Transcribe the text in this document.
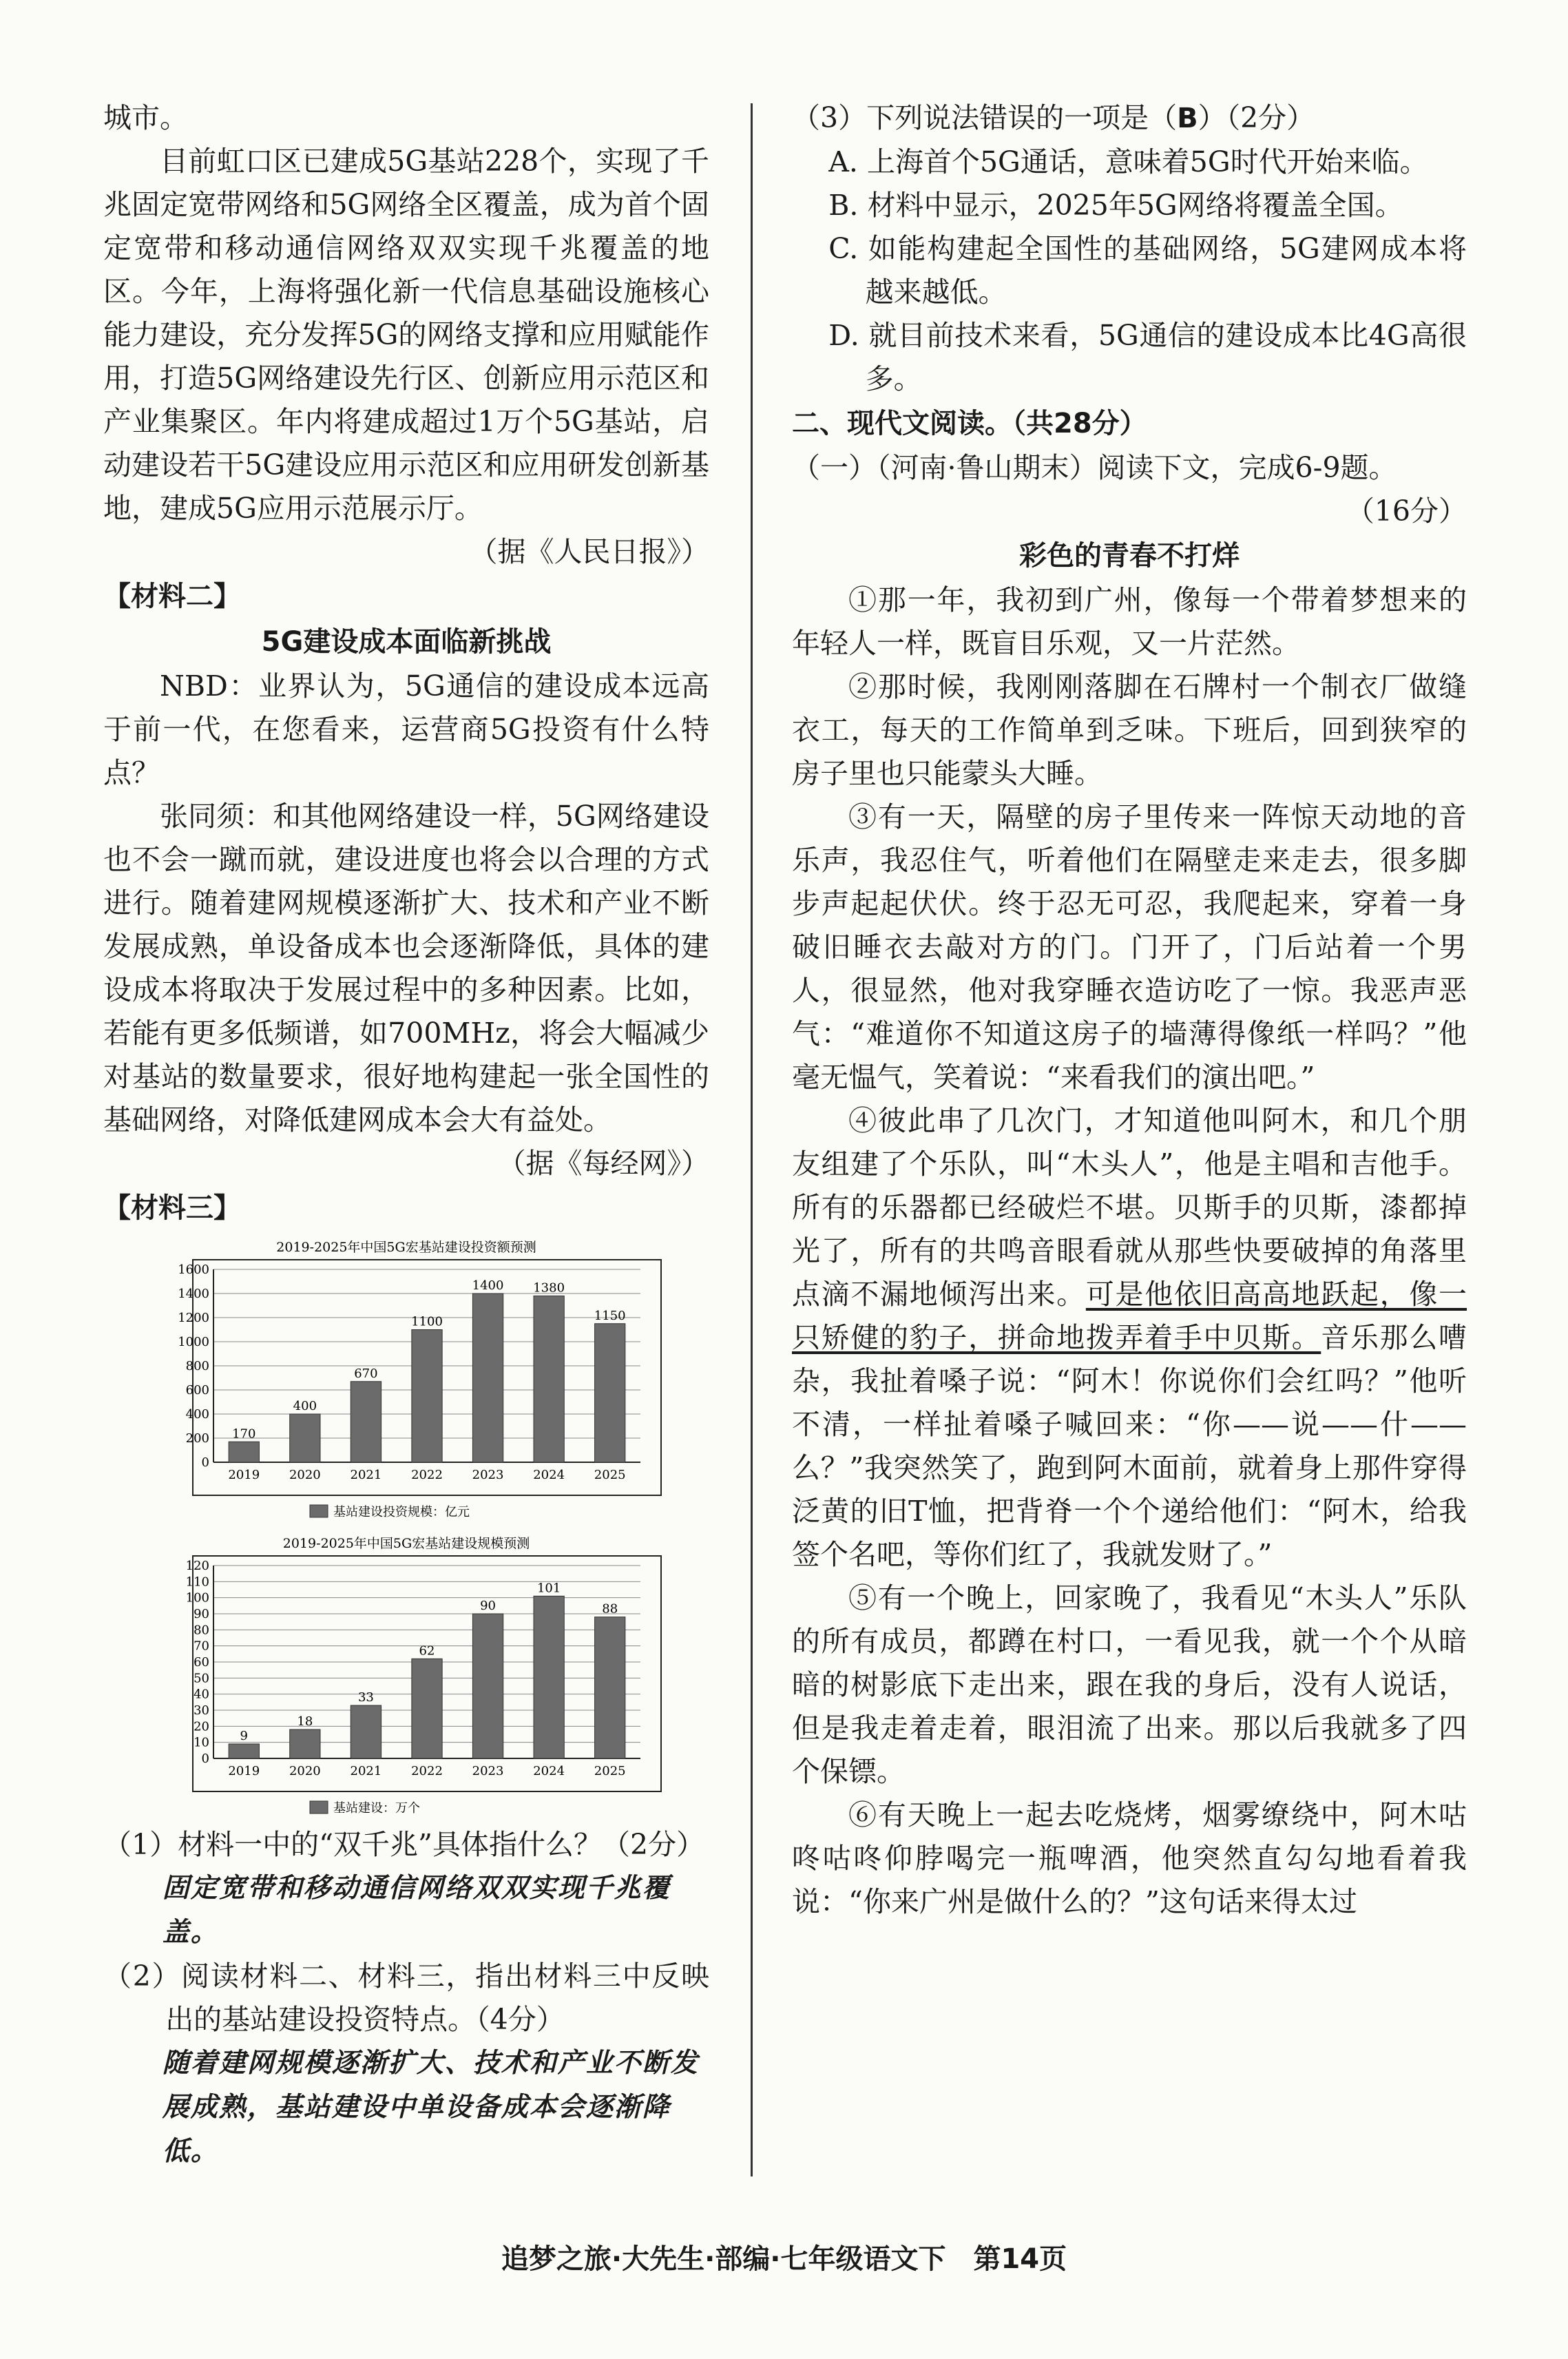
城市。

目前虹口区已建成5G基站228个，实现了千兆固定宽带网络和5G网络全区覆盖，成为首个固定宽带和移动通信网络双双实现千兆覆盖的地区。今年，上海将强化新一代信息基础设施核心能力建设，充分发挥5G的网络支撑和应用赋能作用，打造5G网络建设先行区、创新应用示范区和产业集聚区。年内将建成超过1万个5G基站，启动建设若干5G建设应用示范区和应用研发创新基地，建成5G应用示范展示厅。

（据《人民日报》）

【材料二】
5G建设成本面临新挑战

NBD：业界认为，5G通信的建设成本远高于前一代，在您看来，运营商5G投资有什么特点？

张同须：和其他网络建设一样，5G网络建设也不会一蹴而就，建设进度也将会以合理的方式进行。随着建网规模逐渐扩大、技术和产业不断发展成熟，单设备成本也会逐渐降低，具体的建设成本将取决于发展过程中的多种因素。比如，若能有更多低频谱，如700MHz，将会大幅减少对基站的数量要求，很好地构建起一张全国性的基础网络，对降低建网成本会大有益处。

（据《每经网》）

【材料三】
2019-2025年中国5G宏基站建设投资额预测
0
200
400
600
800
1000
1200
1400
1600
170
2019
400
2020
670
2021
1100
2022
1400
2023
1380
2024
1150
2025
基站建设投资规模：亿元
2019-2025年中国5G宏基站建设规模预测
0
10
20
30
40
50
60
70
80
90
100
110
120
9
2019
18
2020
33
2021
62
2022
90
2023
101
2024
88
2025
基站建设：万个

（1）材料一中的“双千兆”具体指什么？（2分）

固定宽带和移动通信网络双双实现千兆覆盖。

（2）阅读材料二、材料三，指出材料三中反映出的基站建设投资特点。（4分）

随着建网规模逐渐扩大、技术和产业不断发展成熟，基站建设中单设备成本会逐渐降低。

（3）下列说法错误的一项是（B）（2分）

A. 上海首个5G通话，意味着5G时代开始来临。

B. 材料中显示，2025年5G网络将覆盖全国。

C. 如能构建起全国性的基础网络，5G建网成本将越来越低。

D. 就目前技术来看，5G通信的建设成本比4G高很多。

二、现代文阅读。（共28分）

（一）（河南·鲁山期末）阅读下文，完成6-9题。

（16分）

彩色的青春不打烊

①那一年，我初到广州，像每一个带着梦想来的年轻人一样，既盲目乐观，又一片茫然。

②那时候，我刚刚落脚在石牌村一个制衣厂做缝衣工，每天的工作简单到乏味。下班后，回到狭窄的房子里也只能蒙头大睡。

③有一天，隔壁的房子里传来一阵惊天动地的音乐声，我忍住气，听着他们在隔壁走来走去，很多脚步声起起伏伏。终于忍无可忍，我爬起来，穿着一身破旧睡衣去敲对方的门。门开了，门后站着一个男人，很显然，他对我穿睡衣造访吃了一惊。我恶声恶气：“难道你不知道这房子的墙薄得像纸一样吗？”他毫无愠气，笑着说：“来看我们的演出吧。”

④彼此串了几次门，才知道他叫阿木，和几个朋友组建了个乐队，叫“木头人”，他是主唱和吉他手。所有的乐器都已经破烂不堪。贝斯手的贝斯，漆都掉光了，所有的共鸣音眼看就从那些快要破掉的角落里点滴不漏地倾泻出来。可是他依旧高高地跃起，像一只矫健的豹子，拼命地拨弄着手中贝斯。音乐那么嘈杂，我扯着嗓子说：“阿木！你说你们会红吗？”他听不清，一样扯着嗓子喊回来：“你——说——什——么？”我突然笑了，跑到阿木面前，就着身上那件穿得泛黄的旧T恤，把背脊一个个递给他们：“阿木，给我签个名吧，等你们红了，我就发财了。”

⑤有一个晚上，回家晚了，我看见“木头人”乐队的所有成员，都蹲在村口，一看见我，就一个个从暗暗的树影底下走出来，跟在我的身后，没有人说话，但是我走着走着，眼泪流了出来。那以后我就多了四个保镖。

⑥有天晚上一起去吃烧烤，烟雾缭绕中，阿木咕咚咕咚仰脖喝完一瓶啤酒，他突然直勾勾地看着我说：“你来广州是做什么的？”这句话来得太过

追梦之旅·大先生·部编·七年级语文下　第14页
